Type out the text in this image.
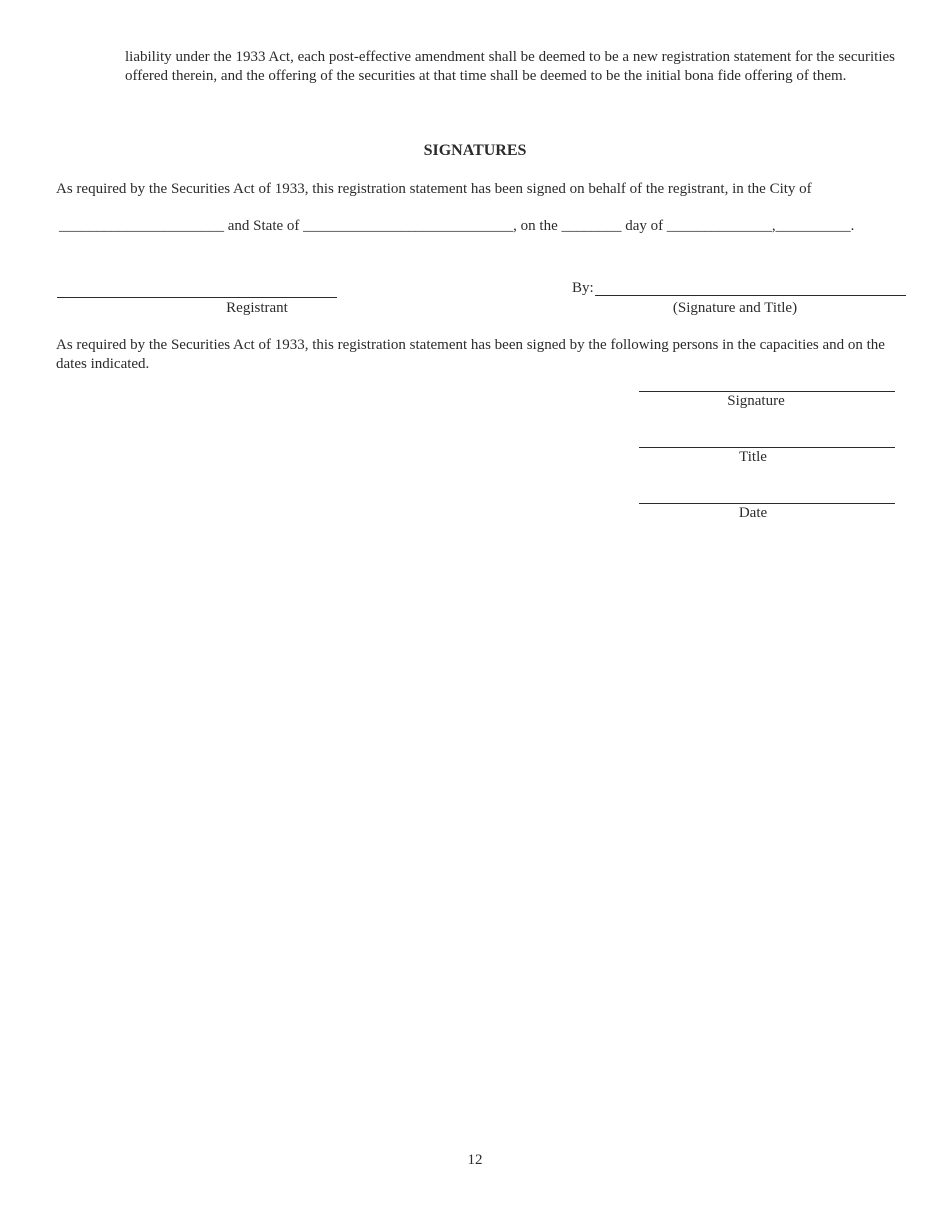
liability under the 1933 Act, each post-effective amendment shall be deemed to be a new registration statement for the securities offered therein, and the offering of the securities at that time shall be deemed to be the initial bona fide offering of them.
SIGNATURES
As required by the Securities Act of 1933, this registration statement has been signed on behalf of the registrant, in the City of
______________________ and State of ____________________________, on the ________ day of ______________,__________.
Registrant
By:
(Signature and Title)
As required by the Securities Act of 1933, this registration statement has been signed by the following persons in the capacities and on the dates indicated.
Signature
Title
Date
12
